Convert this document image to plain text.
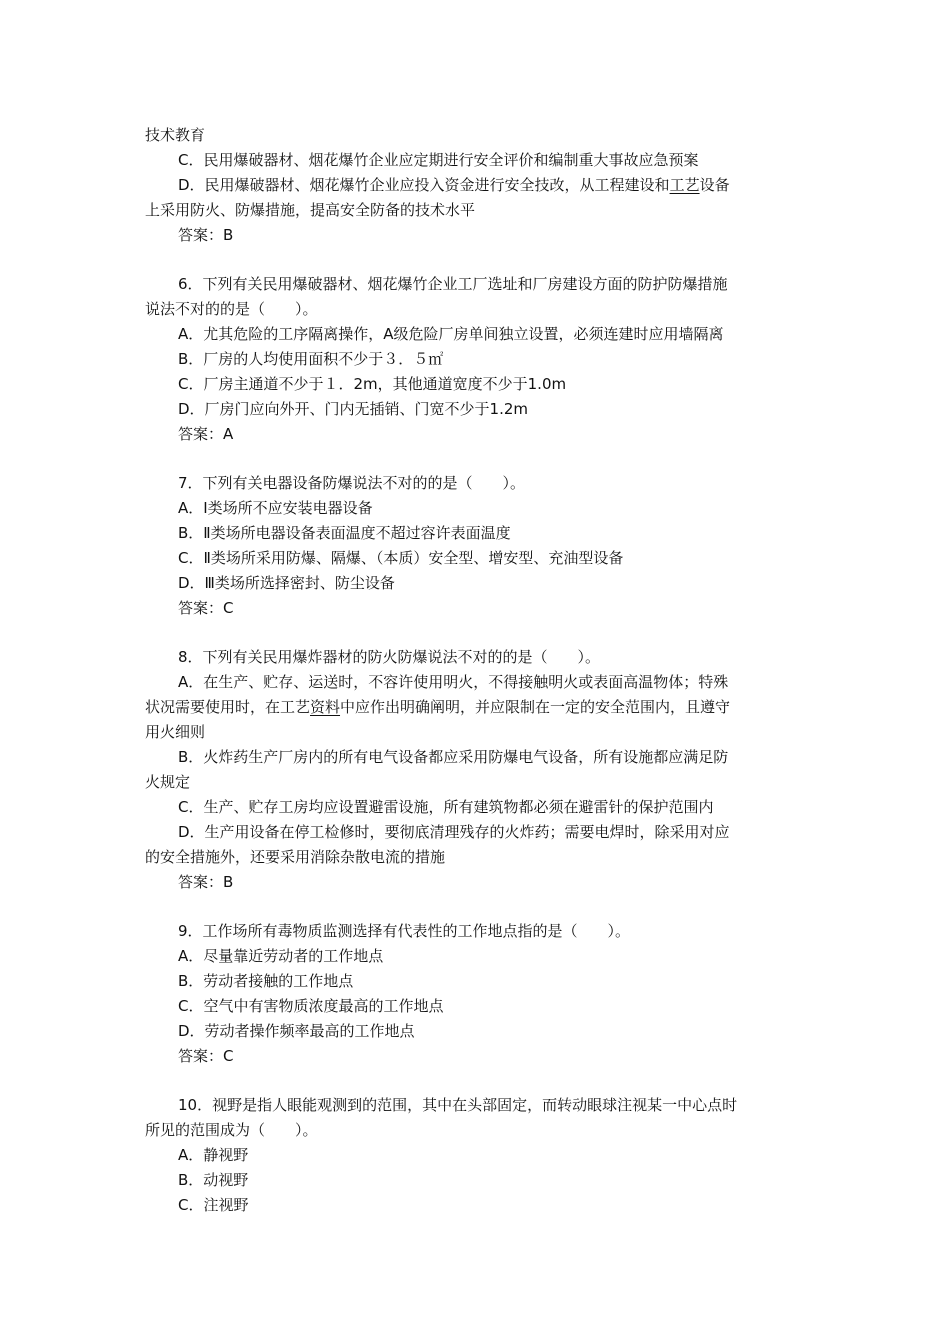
技术教育
C．民用爆破器材、烟花爆竹企业应定期进行安全评价和编制重大事故应急预案
D．民用爆破器材、烟花爆竹企业应投入资金进行安全技改，从工程建设和工艺设备
上采用防火、防爆措施，提高安全防备的技术水平
答案：B
6．下列有关民用爆破器材、烟花爆竹企业工厂选址和厂房建设方面的防护防爆措施
说法不对的的是（　　）。
A．尤其危险的工序隔离操作，A级危险厂房单间独立设置，必须连建时应用墙隔离
B．厂房的人均使用面积不少于３．５㎡
C．厂房主通道不少于１．2m，其他通道宽度不少于1.0m
D．厂房门应向外开、门内无插销、门宽不少于1.2m
答案：A
7．下列有关电器设备防爆说法不对的的是（　　）。
A．Ⅰ类场所不应安装电器设备
B．Ⅱ类场所电器设备表面温度不超过容许表面温度
C．Ⅱ类场所采用防爆、隔爆、（本质）安全型、增安型、充油型设备
D．Ⅲ类场所选择密封、防尘设备
答案：C
8．下列有关民用爆炸器材的防火防爆说法不对的的是（　　）。
A．在生产、贮存、运送时，不容许使用明火，不得接触明火或表面高温物体；特殊
状况需要使用时，在工艺资料中应作出明确阐明，并应限制在一定的安全范围内，且遵守
用火细则
B．火炸药生产厂房内的所有电气设备都应采用防爆电气设备，所有设施都应满足防
火规定
C．生产、贮存工房均应设置避雷设施，所有建筑物都必须在避雷针的保护范围内
D．生产用设备在停工检修时，要彻底清理残存的火炸药；需要电焊时，除采用对应
的安全措施外，还要采用消除杂散电流的措施
答案：B
9．工作场所有毒物质监测选择有代表性的工作地点指的是（　　）。
A．尽量靠近劳动者的工作地点
B．劳动者接触的工作地点
C．空气中有害物质浓度最高的工作地点
D．劳动者操作频率最高的工作地点
答案：C
10．视野是指人眼能观测到的范围，其中在头部固定，而转动眼球注视某一中心点时
所见的范围成为（　　）。
A．静视野
B．动视野
C．注视野
